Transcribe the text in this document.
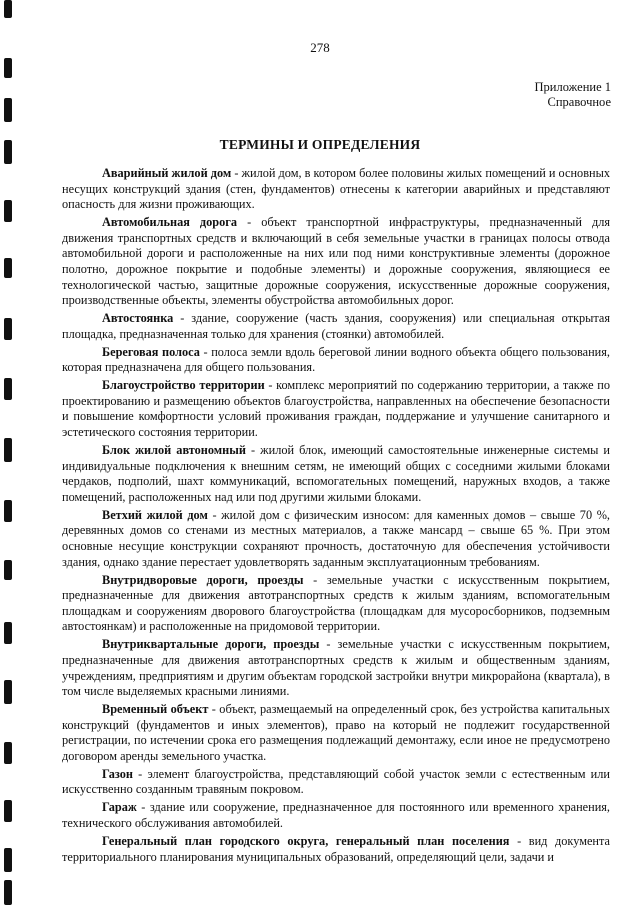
278
Приложение 1
Справочное
ТЕРМИНЫ И ОПРЕДЕЛЕНИЯ

Аварийный жилой дом - жилой дом, в котором более половины жилых помещений и основных несущих конструкций здания (стен, фундаментов) отнесены к категории аварийных и представляют опасность для жизни проживающих.

Автомобильная дорога - объект транспортной инфраструктуры, предназначенный для движения транспортных средств и включающий в себя земельные участки в границах полосы отвода автомобильной дороги и расположенные на них или под ними конструктивные элементы (дорожное полотно, дорожное покрытие и подобные элементы) и дорожные сооружения, являющиеся ее технологической частью, защитные дорожные сооружения, искусственные дорожные сооружения, производственные объекты, элементы обустройства автомобильных дорог.

Автостоянка - здание, сооружение (часть здания, сооружения) или специальная открытая площадка, предназначенная только для хранения (стоянки) автомобилей.

Береговая полоса - полоса земли вдоль береговой линии водного объекта общего пользования, которая предназначена для общего пользования.

Благоустройство территории - комплекс мероприятий по содержанию территории, а также по проектированию и размещению объектов благоустройства, направленных на обеспечение безопасности и повышение комфортности условий проживания граждан, поддержание и улучшение санитарного и эстетического состояния территории.

Блок жилой автономный - жилой блок, имеющий самостоятельные инженерные системы и индивидуальные подключения к внешним сетям, не имеющий общих с соседними жилыми блоками чердаков, подполий, шахт коммуникаций, вспомогательных помещений, наружных входов, а также помещений, расположенных над или под другими жилыми блоками.

Ветхий жилой дом - жилой дом с физическим износом: для каменных домов – свыше 70 %, деревянных домов со стенами из местных материалов, а также мансард – свыше 65 %. При этом основные несущие конструкции сохраняют прочность, достаточную для обеспечения устойчивости здания, однако здание перестает удовлетворять заданным эксплуатационным требованиям.

Внутридворовые дороги, проезды - земельные участки с искусственным покрытием, предназначенные для движения автотранспортных средств к жилым зданиям, вспомогательным площадкам и сооружениям дворового благоустройства (площадкам для мусоросборников, подземным автостоянкам) и расположенные на придомовой территории.

Внутриквартальные дороги, проезды - земельные участки с искусственным покрытием, предназначенные для движения автотранспортных средств к жилым и общественным зданиям, учреждениям, предприятиям и другим объектам городской застройки внутри микрорайона (квартала), в том числе выделяемых красными линиями.

Временный объект - объект, размещаемый на определенный срок, без устройства капитальных конструкций (фундаментов и иных элементов), право на который не подлежит государственной регистрации, по истечении срока его размещения подлежащий демонтажу, если иное не предусмотрено договором аренды земельного участка.

Газон - элемент благоустройства, представляющий собой участок земли с естественным или искусственно созданным травяным покровом.

Гараж - здание или сооружение, предназначенное для постоянного или временного хранения, технического обслуживания автомобилей.

Генеральный план городского округа, генеральный план поселения - вид документа территориального планирования муниципальных образований, определяющий цели, задачи и
